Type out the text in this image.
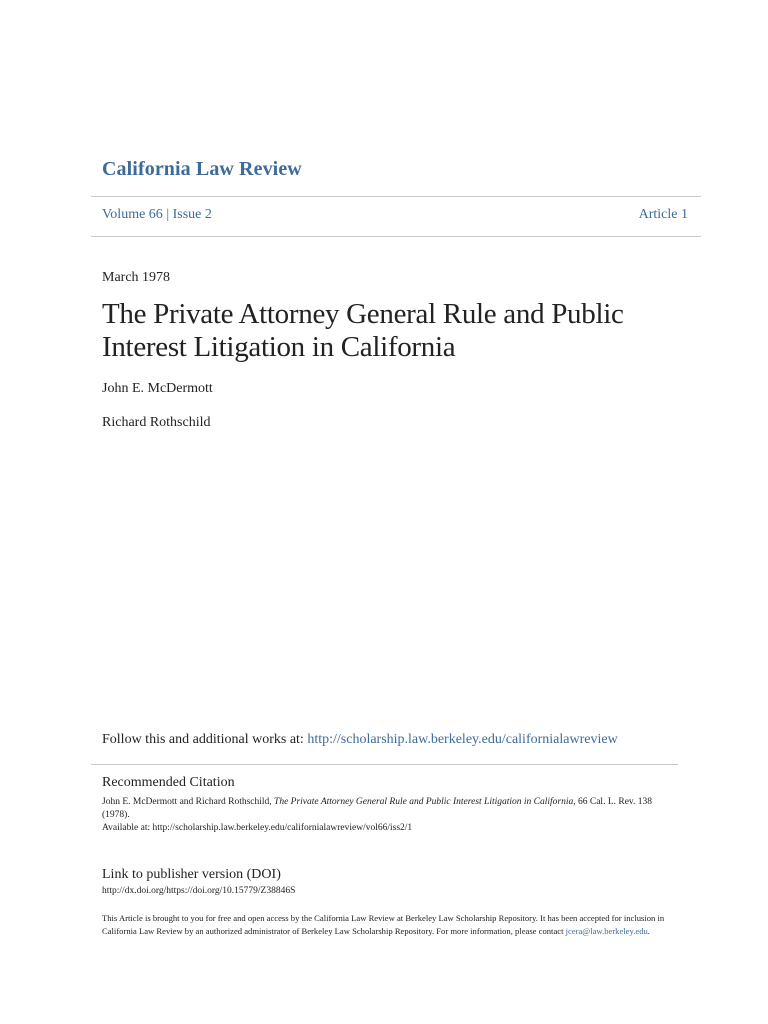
California Law Review
Volume 66 | Issue 2	Article 1
March 1978
The Private Attorney General Rule and Public Interest Litigation in California
John E. McDermott
Richard Rothschild
Follow this and additional works at: http://scholarship.law.berkeley.edu/californialawreview
Recommended Citation
John E. McDermott and Richard Rothschild, The Private Attorney General Rule and Public Interest Litigation in California, 66 Cal. L. Rev. 138 (1978).
Available at: http://scholarship.law.berkeley.edu/californialawreview/vol66/iss2/1
Link to publisher version (DOI)
http://dx.doi.org/https://doi.org/10.15779/Z38846S
This Article is brought to you for free and open access by the California Law Review at Berkeley Law Scholarship Repository. It has been accepted for inclusion in California Law Review by an authorized administrator of Berkeley Law Scholarship Repository. For more information, please contact jcera@law.berkeley.edu.
